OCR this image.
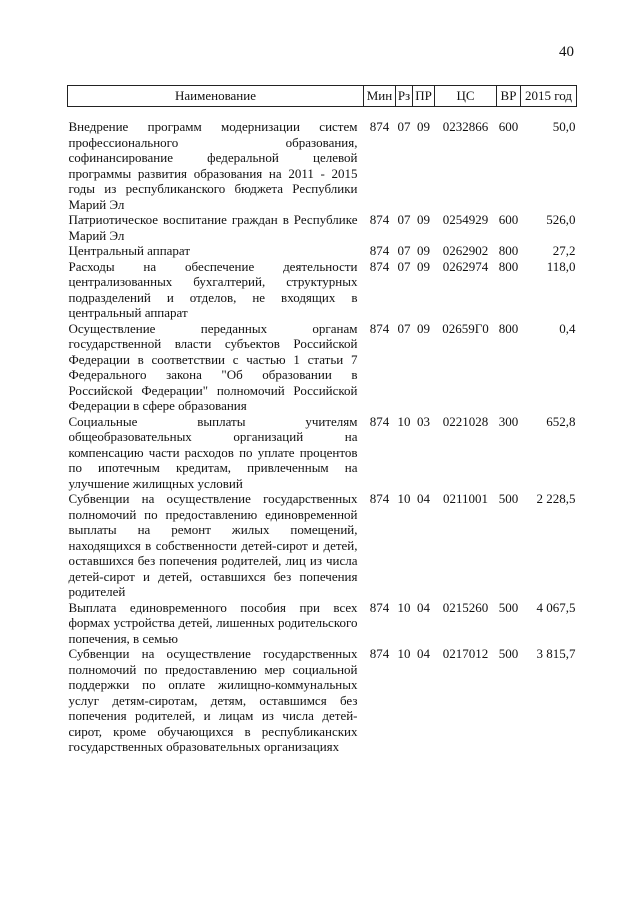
40
Наименование	Мин	Рз	ПР	ЦС	ВР	2015 год
Внедрение программ модернизации систем профессионального образования, софинансирование федеральной целевой программы развития образования на 2011 - 2015 годы из республиканского бюджета Республики Марий Эл	874	07	09	0232866	600	50,0
Патриотическое воспитание граждан в Республике Марий Эл	874	07	09	0254929	600	526,0
Центральный аппарат	874	07	09	0262902	800	27,2
Расходы на обеспечение деятельности централизованных бухгалтерий, структурных подразделений и отделов, не входящих в центральный аппарат	874	07	09	0262974	800	118,0
Осуществление переданных органам государственной власти субъектов Российской Федерации в соответствии с частью 1 статьи 7 Федерального закона "Об образовании в Российской Федерации" полномочий Российской Федерации в сфере образования	874	07	09	02659Г0	800	0,4
Социальные выплаты учителям общеобразовательных организаций на компенсацию части расходов по уплате процентов по ипотечным кредитам, привлеченным на улучшение жилищных условий	874	10	03	0221028	300	652,8
Субвенции на осуществление государственных полномочий по предоставлению единовременной выплаты на ремонт жилых помещений, находящихся в собственности детей-сирот и детей, оставшихся без попечения родителей, лиц из числа детей-сирот и детей, оставшихся без попечения родителей	874	10	04	0211001	500	2 228,5
Выплата единовременного пособия при всех формах устройства детей, лишенных родительского попечения, в семью	874	10	04	0215260	500	4 067,5
Субвенции на осуществление государственных полномочий по предоставлению мер социальной поддержки по оплате жилищно-коммунальных услуг детям-сиротам, детям, оставшимся без попечения родителей, и лицам из числа детей-сирот, кроме обучающихся в республиканских государственных образовательных организациях	874	10	04	0217012	500	3 815,7
